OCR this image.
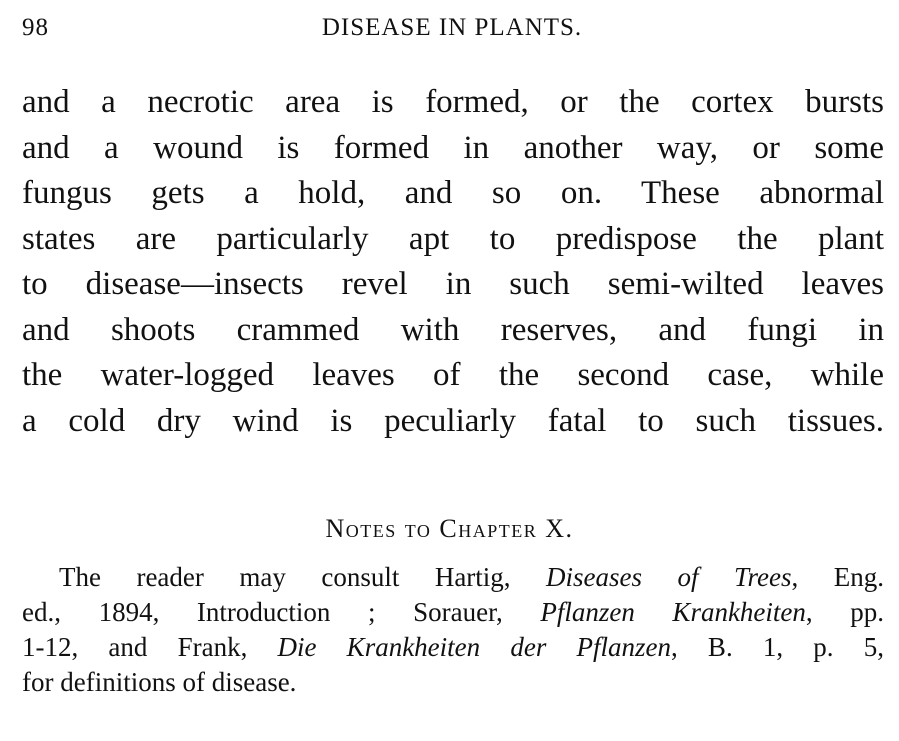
98	DISEASE IN PLANTS.

and a necrotic area is formed, or the cortex bursts
and a wound is formed in another way, or some
fungus gets a hold, and so on. These abnormal
states are particularly apt to predispose the plant
to disease—insects revel in such semi-wilted leaves
and shoots crammed with reserves, and fungi in
the water-logged leaves of the second case, while
a cold dry wind is peculiarly fatal to such tissues.

Notes to Chapter X.

The reader may consult Hartig, Diseases of Trees, Eng.
ed., 1894, Introduction ; Sorauer, Pflanzen Krankheiten, pp.
1-12, and Frank, Die Krankheiten der Pflanzen, B. 1, p. 5,
for definitions of disease.
